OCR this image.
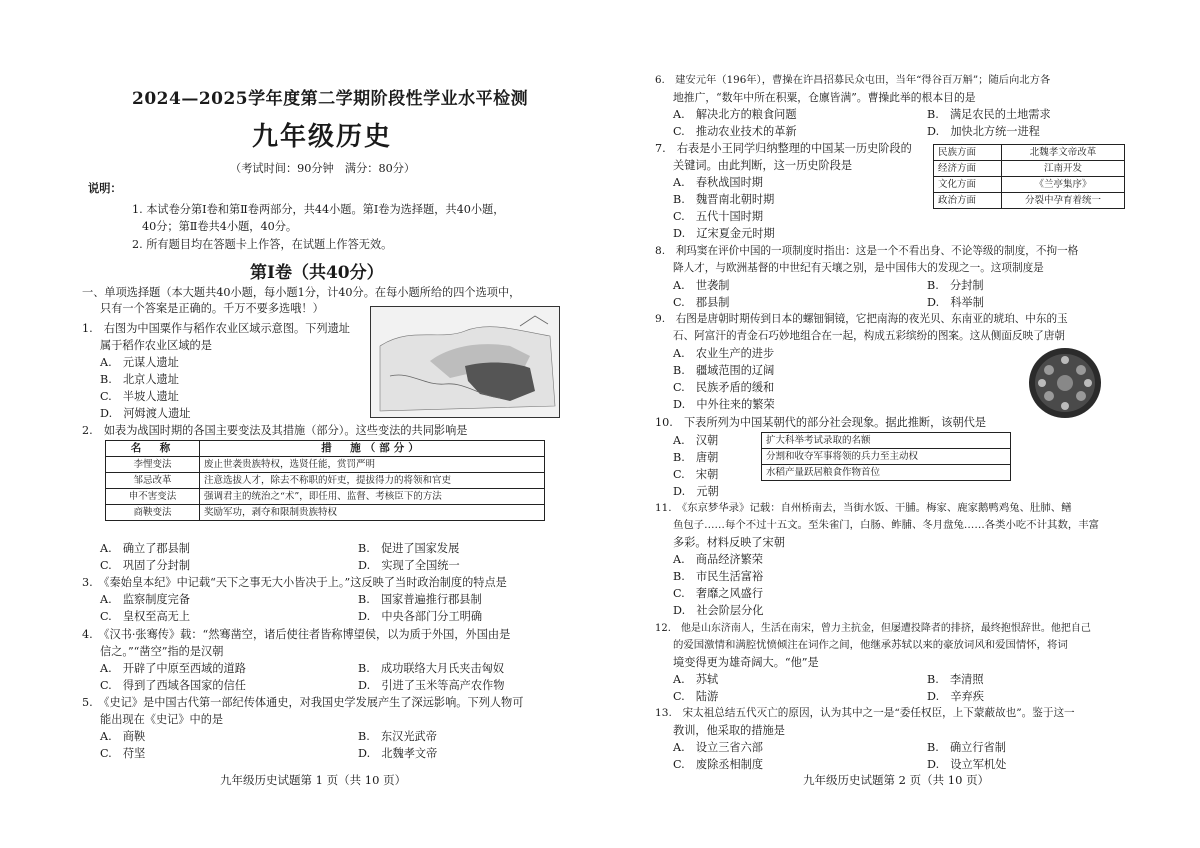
2024—2025学年度第二学期阶段性学业水平检测
九年级历史
（考试时间：90分钟　满分：80分）
说明：
1. 本试卷分第Ⅰ卷和第Ⅱ卷两部分，共44小题。第Ⅰ卷为选择题，共40小题，
40分；第Ⅱ卷共4小题，40分。
2. 所有题目均在答题卡上作答，在试题上作答无效。
第Ⅰ卷（共40分）
一、单项选择题（本大题共40小题，每小题1分，计40分。在每小题所给的四个选项中，
只有一个答案是正确的。千万不要多选哦！）
1.　右图为中国粟作与稻作农业区域示意图。下列遗址
属于稻作农业区域的是
A.　元谋人遗址
B.　北京人遗址
C.　半坡人遗址
D.　河姆渡人遗址
2.　如表为战国时期的各国主要变法及其措施（部分）。这些变法的共同影响是
名　称	措　施（部分）
李悝变法	废止世袭贵族特权，选贤任能，赏罚严明
邹忌改革	注意选拔人才，除去不称职的奸吏，提拔得力的将领和官吏
申不害变法	强调君主的统治之“术”，即任用、监督、考核臣下的方法
商鞅变法	奖励军功，剥夺和限制贵族特权
A.　确立了郡县制	B.　促进了国家发展
C.　巩固了分封制	D.　实现了全国统一
3.　《秦始皇本纪》中记载“天下之事无大小皆决于上。”这反映了当时政治制度的特点是
A.　监察制度完备	B.　国家普遍推行郡县制
C.　皇权至高无上	D.　中央各部门分工明确
4.　《汉书·张骞传》载：“然骞凿空，诸后使往者皆称博望侯，以为质于外国，外国由是
信之。”“凿空”指的是汉朝
A.　开辟了中原至西域的道路	B.　成功联络大月氏夹击匈奴
C.　得到了西域各国家的信任	D.　引进了玉米等高产农作物
5.　《史记》是中国古代第一部纪传体通史，对我国史学发展产生了深远影响。下列人物可
能出现在《史记》中的是
A.　商鞅	B.　东汉光武帝
C.　苻坚	D.　北魏孝文帝
九年级历史试题第 1 页（共 10 页）
6.　建安元年（196年），曹操在许昌招募民众屯田，当年“得谷百万斛”；随后向北方各
地推广，“数年中所在积粟，仓廪皆满”。曹操此举的根本目的是
A.　解决北方的粮食问题	B.　满足农民的土地需求
C.　推动农业技术的革新	D.　加快北方统一进程
7.　右表是小王同学归纳整理的中国某一历史阶段的
关键词。由此判断，这一历史阶段是
民族方面	北魏孝文帝改革
经济方面	江南开发
文化方面	《兰亭集序》
政治方面	分裂中孕育着统一
A.　春秋战国时期
B.　魏晋南北朝时期
C.　五代十国时期
D.　辽宋夏金元时期
8.　利玛窦在评价中国的一项制度时指出：这是一个不看出身、不论等级的制度，不拘一格
降人才，与欧洲基督的中世纪有天壤之别，是中国伟大的发现之一。这项制度是
A.　世袭制	B.　分封制
C.　郡县制	D.　科举制
9.　右图是唐朝时期传到日本的螺钿铜镜，它把南海的夜光贝、东南亚的琥珀、中东的玉
石、阿富汗的青金石巧妙地组合在一起，构成五彩缤纷的图案。这从侧面反映了唐朝
A.　农业生产的进步
B.　疆域范围的辽阔
C.　民族矛盾的缓和
D.　中外往来的繁荣
10.　下表所列为中国某朝代的部分社会现象。据此推断，该朝代是
A.　汉朝
B.　唐朝
C.　宋朝
D.　元朝
扩大科举考试录取的名额
分割和收夺军事将领的兵力至主动权
水稻产量跃居粮食作物首位
11.　《东京梦华录》记载：自州桥南去，当街水饭、干脯。梅家、鹿家鹅鸭鸡兔、肚肺、鳝
鱼包子……每个不过十五文。至朱雀门，白肠、鲊脯、冬月盘兔……各类小吃不计其数，丰富
多彩。材料反映了宋朝
A.　商品经济繁荣
B.　市民生活富裕
C.　奢靡之风盛行
D.　社会阶层分化
12.　他是山东济南人，生活在南宋，曾力主抗金，但屡遭投降者的排挤，最终抱恨辞世。他把自己
的爱国激情和满腔忧愤倾注在词作之间，他继承苏轼以来的豪放词风和爱国情怀，将词
境变得更为雄奇阔大。“他”是
A.　苏轼	B.　李清照
C.　陆游	D.　辛弃疾
13.　宋太祖总结五代灭亡的原因，认为其中之一是“委任权臣，上下蒙蔽故也”。鉴于这一
教训，他采取的措施是
A.　设立三省六部	B.　确立行省制
C.　废除丞相制度	D.　设立军机处
九年级历史试题第 2 页（共 10 页）
